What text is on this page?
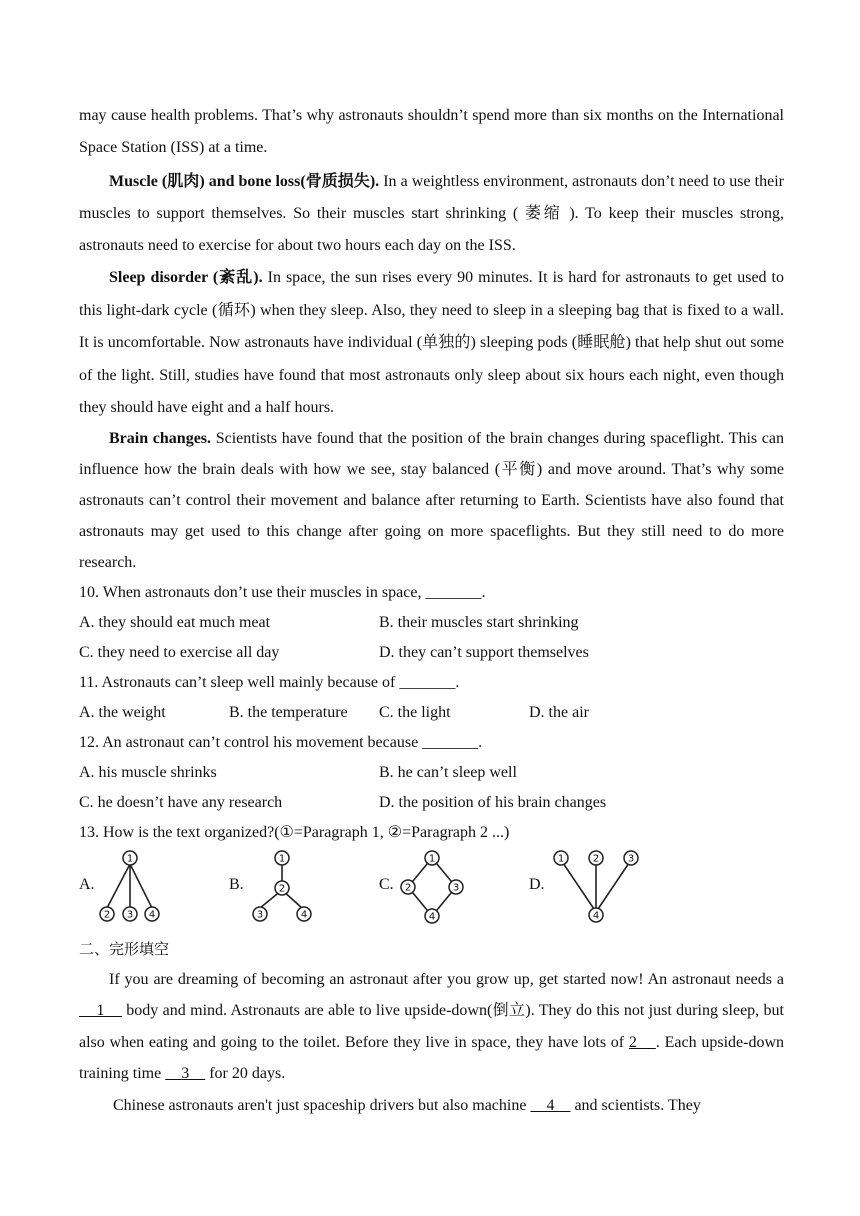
may cause health problems. That’s why astronauts shouldn’t spend more than six months on the International Space Station (ISS) at a time.

Muscle (肌肉) and bone loss(骨质损失). In a weightless environment, astronauts don’t need to use their muscles to support themselves. So their muscles start shrinking ( 萎缩 ). To keep their muscles strong, astronauts need to exercise for about two hours each day on the ISS.

Sleep disorder (紊乱). In space, the sun rises every 90 minutes. It is hard for astronauts to get used to this light-dark cycle (循环) when they sleep. Also, they need to sleep in a sleeping bag that is fixed to a wall. It is uncomfortable. Now astronauts have individual (单独的) sleeping pods (睡眠舱) that help shut out some of the light. Still, studies have found that most astronauts only sleep about six hours each night, even though they should have eight and a half hours.

Brain changes. Scientists have found that the position of the brain changes during spaceflight. This can influence how the brain deals with how we see, stay balanced (平衡) and move around. That’s why some astronauts can’t control their movement and balance after returning to Earth. Scientists have also found that astronauts may get used to this change after going on more spaceflights. But they still need to do more research.

10. When astronauts don’t use their muscles in space, _______.
A. they should eat much meat	B. their muscles start shrinking
C. they need to exercise all day	D. they can’t support themselves
11. Astronauts can’t sleep well mainly because of _______.
A. the weight	B. the temperature C. the light	D. the air
12. An astronaut can’t control his movement because _______.
A. his muscle shrinks	B. he can’t sleep well
C. he doesn’t have any research	D. the position of his brain changes
13. How is the text organized?(①=Paragraph 1, ②=Paragraph 2 ...)
A.
1
2 3 4
B.
1
2
3	4
C.
1
2	3
4
D.
1	2	3
4
二、完形填空

If you are dreaming of becoming an astronaut after you grow up, get started now! An astronaut needs a     1     body and mind. Astronauts are able to live upside-down(倒立). They do this not just during sleep, but also when eating and going to the toilet. Before they live in space, they have lots of 2    . Each upside-down training time     3     for 20 days.

Chinese astronauts aren't just spaceship drivers but also machine     4     and scientists. They
